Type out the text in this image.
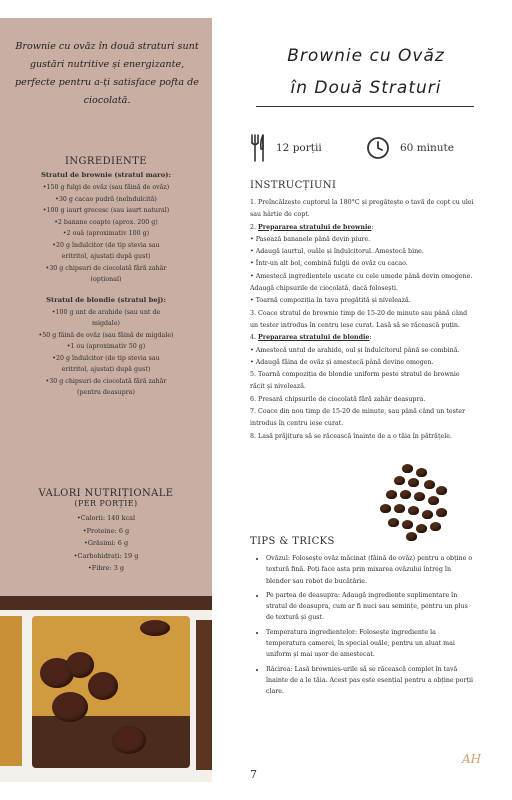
Brownie cu ovăz în două straturi sunt gustări nutritive și energizante, perfecte pentru a-ți satisface pofta de ciocolată.

INGREDIENTE
Stratul de brownie (stratul maro):
• 150 g fulgi de ovăz (sau făină de ovăz)
• 30 g cacao pudră (neîndulcită)
• 100 g iaurt grecesc (sau iaurt natural)
• 2 banane coapte (aprox. 200 g)
• 2 ouă (aproximativ 100 g)
• 20 g îndulcitor (de tip stevia sau
eritritol, ajustați după gust)
• 30 g chipsuri de ciocolată fără zahăr
(opțional)
Stratul de blondie (stratul bej):
• 100 g unt de arahide (sau unt de
migdale)
• 50 g făină de ovăz (sau făină de migdale)
• 1 ou (aproximativ 50 g)
• 20 g îndulcitor (de tip stevia sau
eritritol, ajustați după gust)
• 30 g chipsuri de ciocolată fără zahăr
(pentru deasupra)
VALORI NUTRIȚIONALE
(PER PORȚIE)
• Calorii: 140 kcal
• Proteine: 6 g
• Grăsimi: 6 g
• Carbohidrați: 19 g
• Fibre: 3 g
Brownie cu Ovăz
în Două Straturi
12 porții	60 minute
INSTRUCȚIUNI
1. Preîncălzește cuptorul la 180°C și pregătește o tavă de copt cu ulei sau hârtie de copt.
2. Prepararea stratului de brownie:
• Pasează bananele până devin piure.
• Adaugă iaurtul, ouăle și îndulcitorul. Amestecă bine.
• Într-un alt bol, combină fulgii de ovăz cu cacao.
• Amestecă ingredientele uscate cu cele umede până devin omogene. Adaugă chipsurile de ciocolată, dacă folosești.
• Toarnă compoziția în tava pregătită și nivelează.
3. Coace stratul de brownie timp de 15-20 de minute sau până când un tester introdus în centru iese curat. Lasă să se răcească puțin.
4. Prepararea stratului de blondie:
• Amestecă untul de arahide, oul și îndulcitorul până se combină.
• Adaugă făina de ovăz și amestecă până devine omogen.
5. Toarnă compoziția de blondie uniform peste stratul de brownie răcit și nivelează.
6. Presară chipsurile de ciocolată fără zahăr deasupra.
7. Coace din nou timp de 15-20 de minute, sau până când un tester introdus în centru iese curat.
8. Lasă prăjitura să se răcească înainte de a o tăia în pătrățele.
TIPS & TRICKS
• Ovăzul: Folosește ovăz măcinat (făină de ovăz) pentru a obține o textură fină. Poți face asta prin mixarea ovăzului întreg în blender sau robot de bucătărie.
• Pe partea de deasupra: Adaugă ingrediente suplimentare în stratul de deasupra, cum ar fi nuci sau semințe, pentru un plus de textură și gust.
• Temperatura ingredientelor: Folosește ingrediente la temperatura camerei, în special ouăle, pentru un aluat mai uniform și mai ușor de amestecat.
• Răcirea: Lasă brownies-urile să se răcească complet în tavă înainte de a le tăia. Acest pas este esențial pentru a obține porții clare.
7
AH
